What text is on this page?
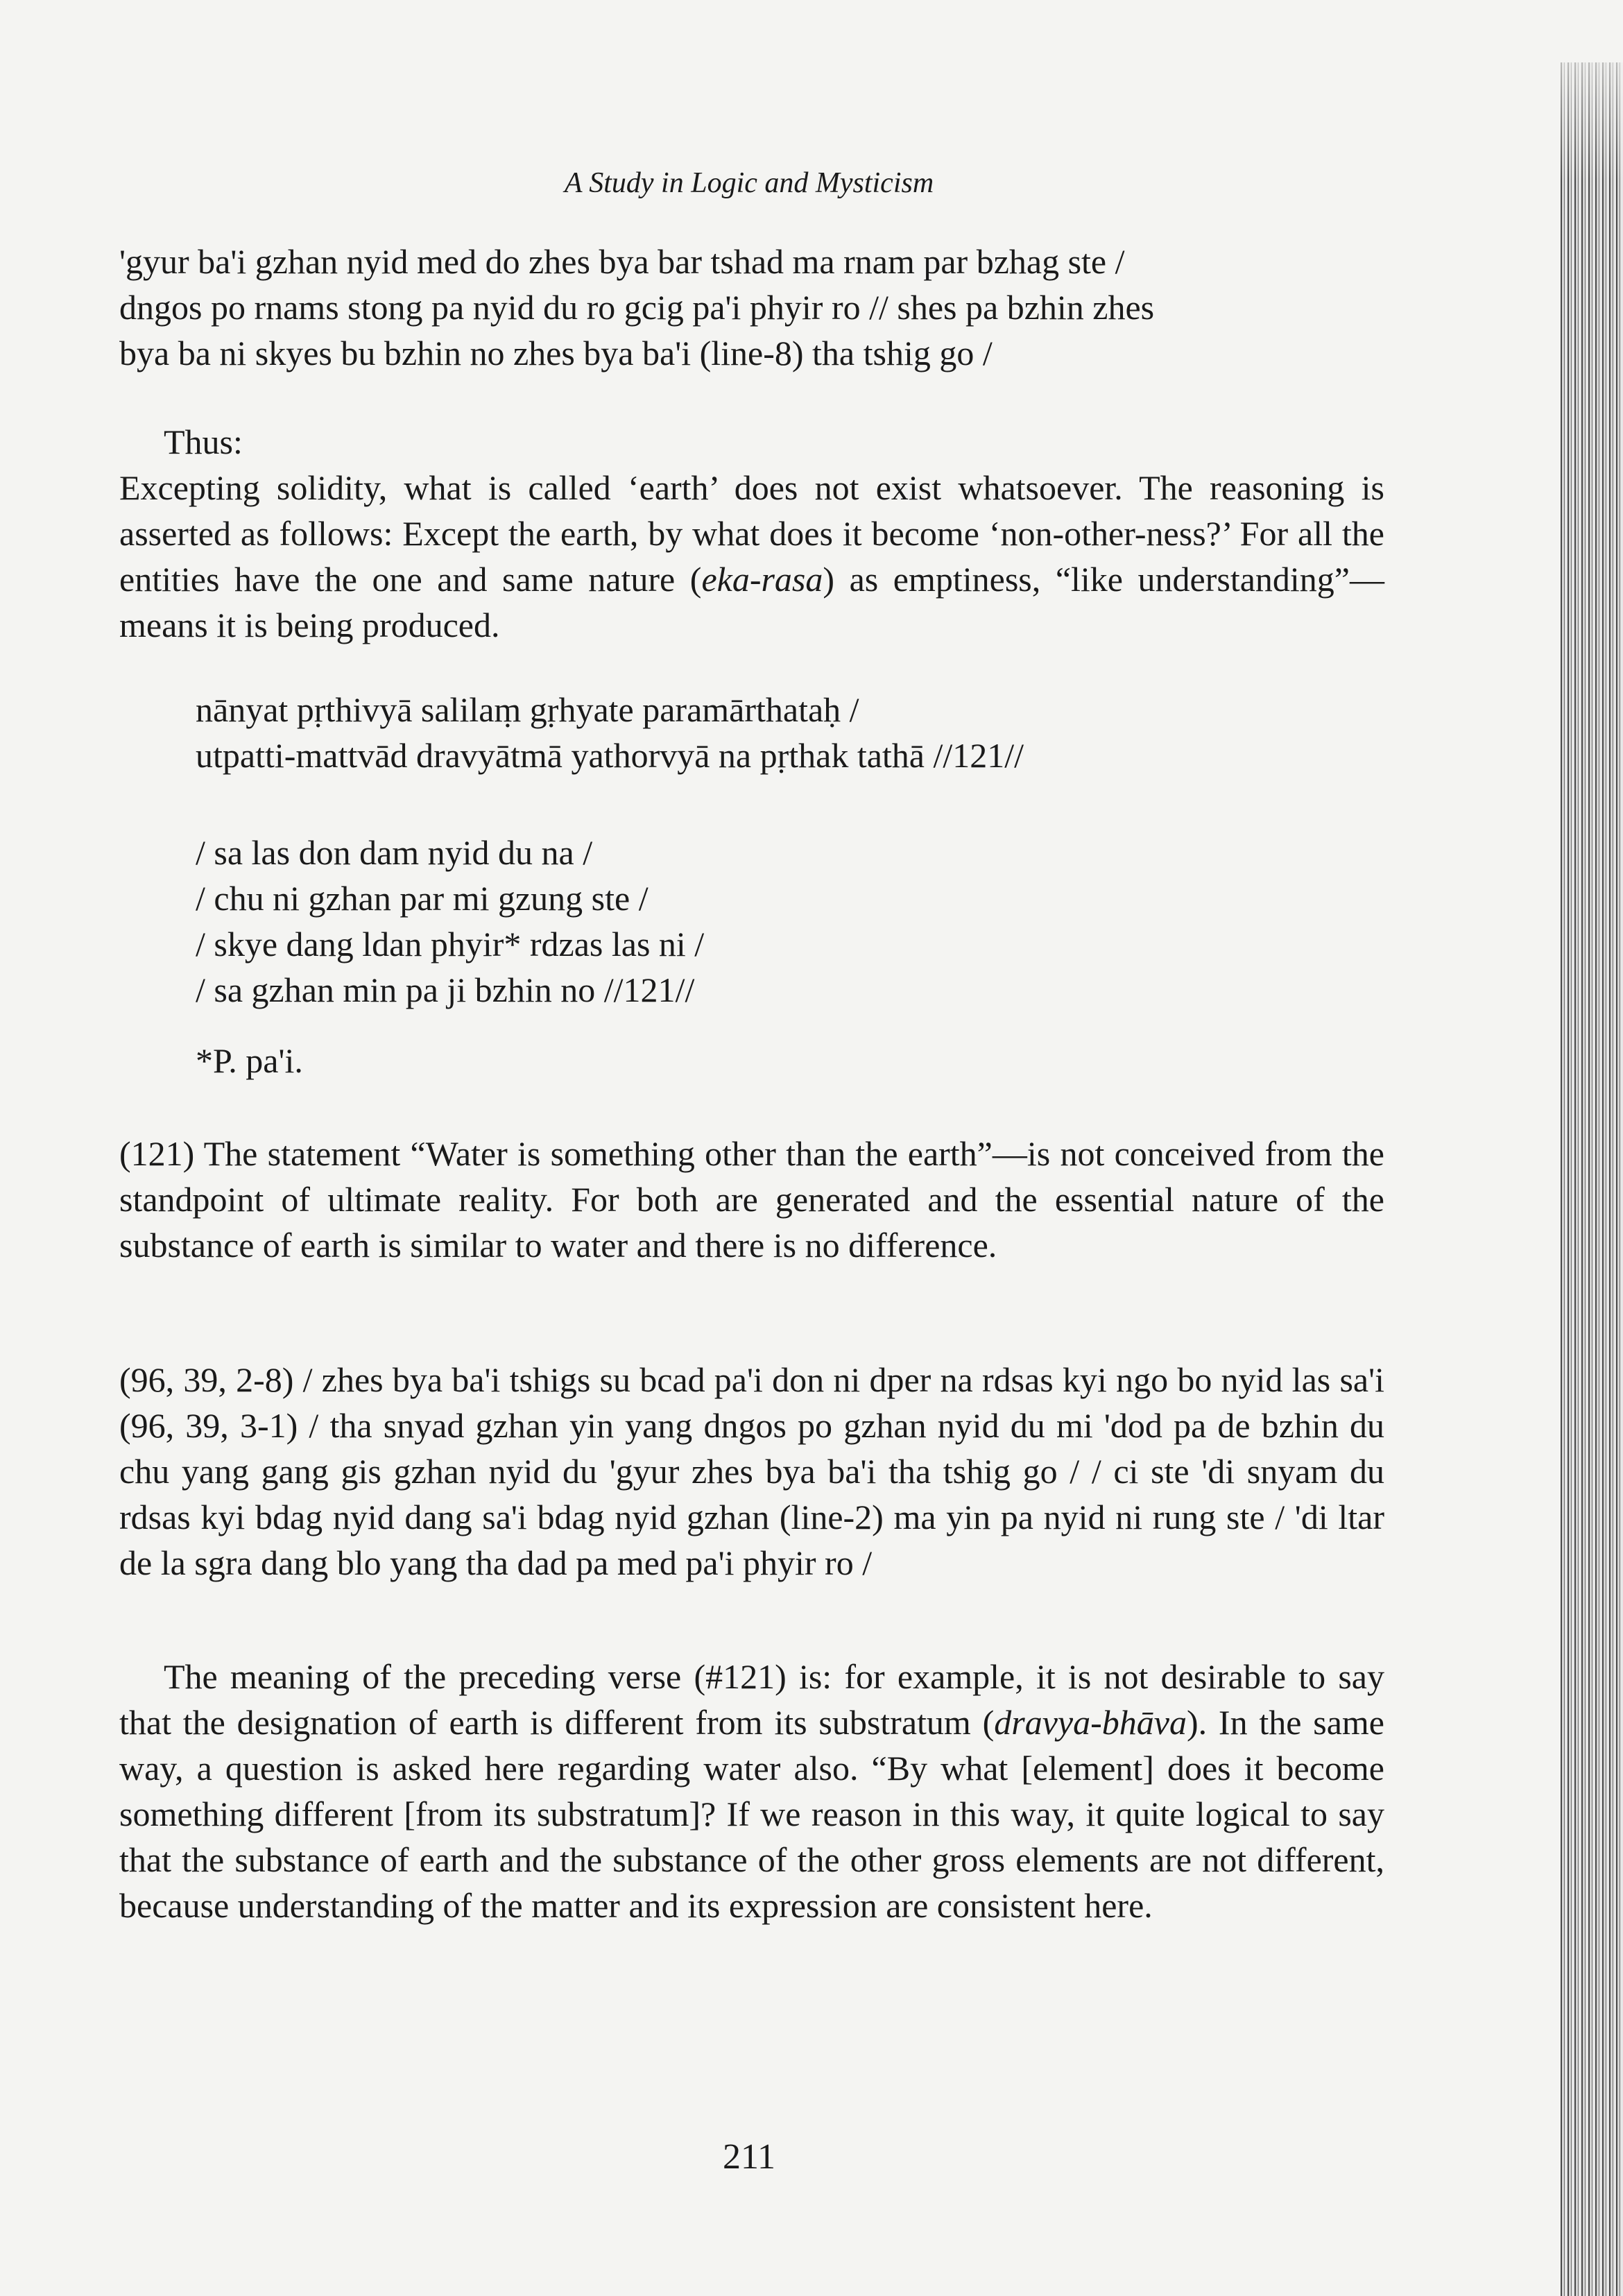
A Study in Logic and Mysticism
'gyur ba'i gzhan nyid med do zhes bya bar tshad ma rnam par bzhag ste /
dngos po rnams stong pa nyid du ro gcig pa'i phyir ro // shes pa bzhin zhes
bya ba ni skyes bu bzhin no zhes bya ba'i (line-8) tha tshig go /
Thus:

Excepting solidity, what is called ‘earth’ does not exist whatsoever. The reasoning is asserted as follows: Except the earth, by what does it become ‘non-other-ness?’ For all the entities have the one and same nature (eka-rasa) as emptiness, “like understanding”—means it is being produced.

nānyat pṛthivyā salilaṃ gṛhyate paramārthataḥ /
utpatti-mattvād dravyātmā yathorvyā na pṛthak tathā //121//
/ sa las don dam nyid du na /
/ chu ni gzhan par mi gzung ste /
/ skye dang ldan phyir* rdzas las ni /
/ sa gzhan min pa ji bzhin no //121//
*P. pa'i.

(121) The statement “Water is something other than the earth”—is not conceived from the standpoint of ultimate reality. For both are generated and the essential nature of the substance of earth is similar to water and there is no difference.

(96, 39, 2-8) / zhes bya ba'i tshigs su bcad pa'i don ni dper na rdsas kyi ngo bo nyid las sa'i (96, 39, 3-1) / tha snyad gzhan yin yang dngos po gzhan nyid du mi 'dod pa de bzhin du chu yang gang gis gzhan nyid du 'gyur zhes bya ba'i tha tshig go / / ci ste 'di snyam du rdsas kyi bdag nyid dang sa'i bdag nyid gzhan (line-2) ma yin pa nyid ni rung ste / 'di ltar de la sgra dang blo yang tha dad pa med pa'i phyir ro /

The meaning of the preceding verse (#121) is: for example, it is not desirable to say that the designation of earth is different from its substratum (dravya-bhāva). In the same way, a question is asked here regarding water also. “By what [element] does it become something different [from its substratum]? If we reason in this way, it quite logical to say that the substance of earth and the substance of the other gross elements are not different, because understanding of the matter and its expression are consistent here.

211
